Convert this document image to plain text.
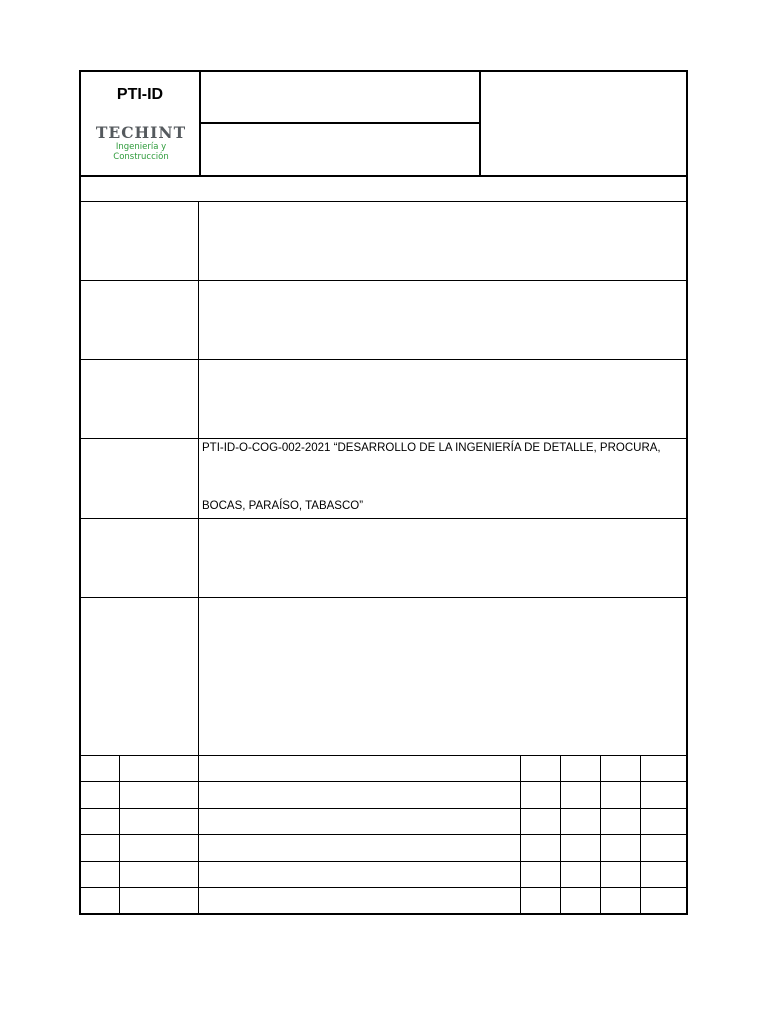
PTI-ID
TECHINT
Ingeniería y Construcción
PTI-ID-O-COG-002-2021 “DESARROLLO DE LA INGENIERÍA DE DETALLE, PROCURA,
BOCAS, PARAÍSO, TABASCO”
